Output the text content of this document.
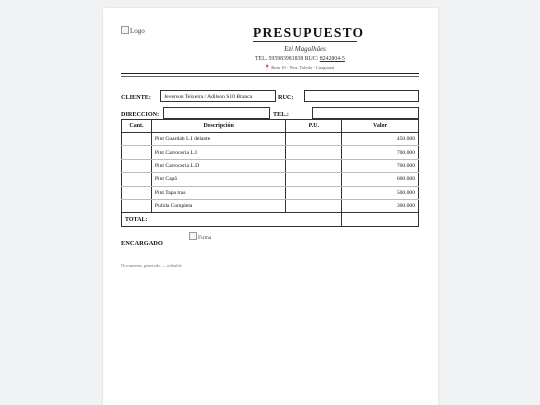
Logo	PRESUPUESTO
Ezi Magalhães
TEL. 595983981838 RUC: 8242804-5
📍Ruta 10 - Nva. Toledo - Cuaguazú
CLIENTE:	Jeverson Teixeira / Adilson S10 Branca	RUC:
DIRECCION:	TEL.:
Cant.	Descripción	P.U.	Valor
	Pint Guardab L.I delante		450.000
	Pint Carroceria L.I		700.000
	Pint Carroceria L.D		700.000
	Pint Capô		600.000
	Pint Tapa tras		500.000
	Pulida Completa		300.000
TOTAL:			
Firma
ENCARGADO
Documento generado — editable
